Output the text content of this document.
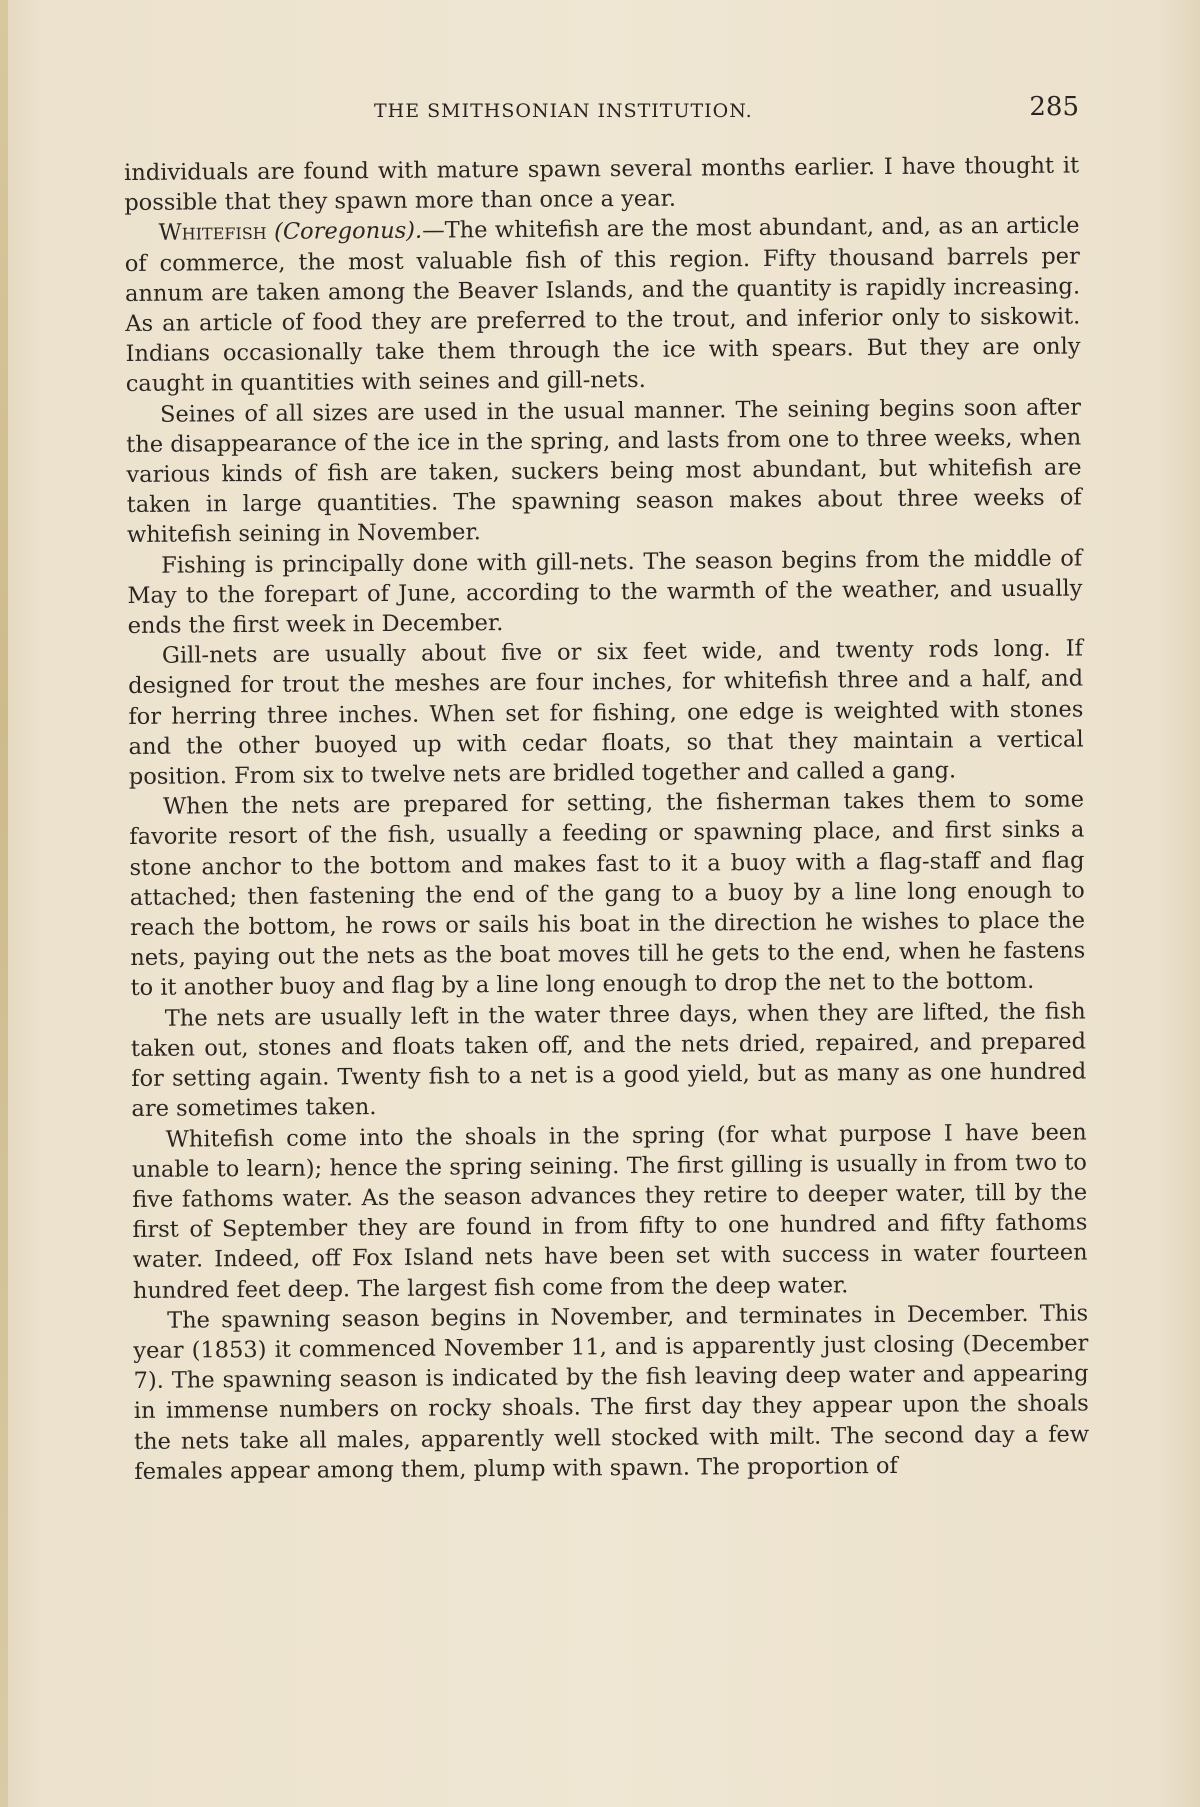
THE SMITHSONIAN INSTITUTION.	285

individuals are found with mature spawn several months earlier. I have thought it possible that they spawn more than once a year.

Whitefish (Coregonus).—The whitefish are the most abundant, and, as an article of commerce, the most valuable fish of this region. Fifty thousand barrels per annum are taken among the Beaver Islands, and the quantity is rapidly increasing. As an article of food they are preferred to the trout, and inferior only to siskowit. Indians occasionally take them through the ice with spears. But they are only caught in quantities with seines and gill-nets.

Seines of all sizes are used in the usual manner. The seining begins soon after the disappearance of the ice in the spring, and lasts from one to three weeks, when various kinds of fish are taken, suckers being most abundant, but whitefish are taken in large quantities. The spawning season makes about three weeks of whitefish seining in November.

Fishing is principally done with gill-nets. The season begins from the middle of May to the forepart of June, according to the warmth of the weather, and usually ends the first week in December.

Gill-nets are usually about five or six feet wide, and twenty rods long. If designed for trout the meshes are four inches, for whitefish three and a half, and for herring three inches. When set for fishing, one edge is weighted with stones and the other buoyed up with cedar floats, so that they maintain a vertical position. From six to twelve nets are bridled together and called a gang.

When the nets are prepared for setting, the fisherman takes them to some favorite resort of the fish, usually a feeding or spawning place, and first sinks a stone anchor to the bottom and makes fast to it a buoy with a flag-staff and flag attached; then fastening the end of the gang to a buoy by a line long enough to reach the bottom, he rows or sails his boat in the direction he wishes to place the nets, paying out the nets as the boat moves till he gets to the end, when he fastens to it another buoy and flag by a line long enough to drop the net to the bottom.

The nets are usually left in the water three days, when they are lifted, the fish taken out, stones and floats taken off, and the nets dried, repaired, and prepared for setting again. Twenty fish to a net is a good yield, but as many as one hundred are sometimes taken.

Whitefish come into the shoals in the spring (for what purpose I have been unable to learn); hence the spring seining. The first gilling is usually in from two to five fathoms water. As the season advances they retire to deeper water, till by the first of September they are found in from fifty to one hundred and fifty fathoms water. Indeed, off Fox Island nets have been set with success in water fourteen hundred feet deep. The largest fish come from the deep water.

The spawning season begins in November, and terminates in December. This year (1853) it commenced November 11, and is apparently just closing (December 7). The spawning season is indicated by the fish leaving deep water and appearing in immense numbers on rocky shoals. The first day they appear upon the shoals the nets take all males, apparently well stocked with milt. The second day a few females appear among them, plump with spawn. The proportion of
